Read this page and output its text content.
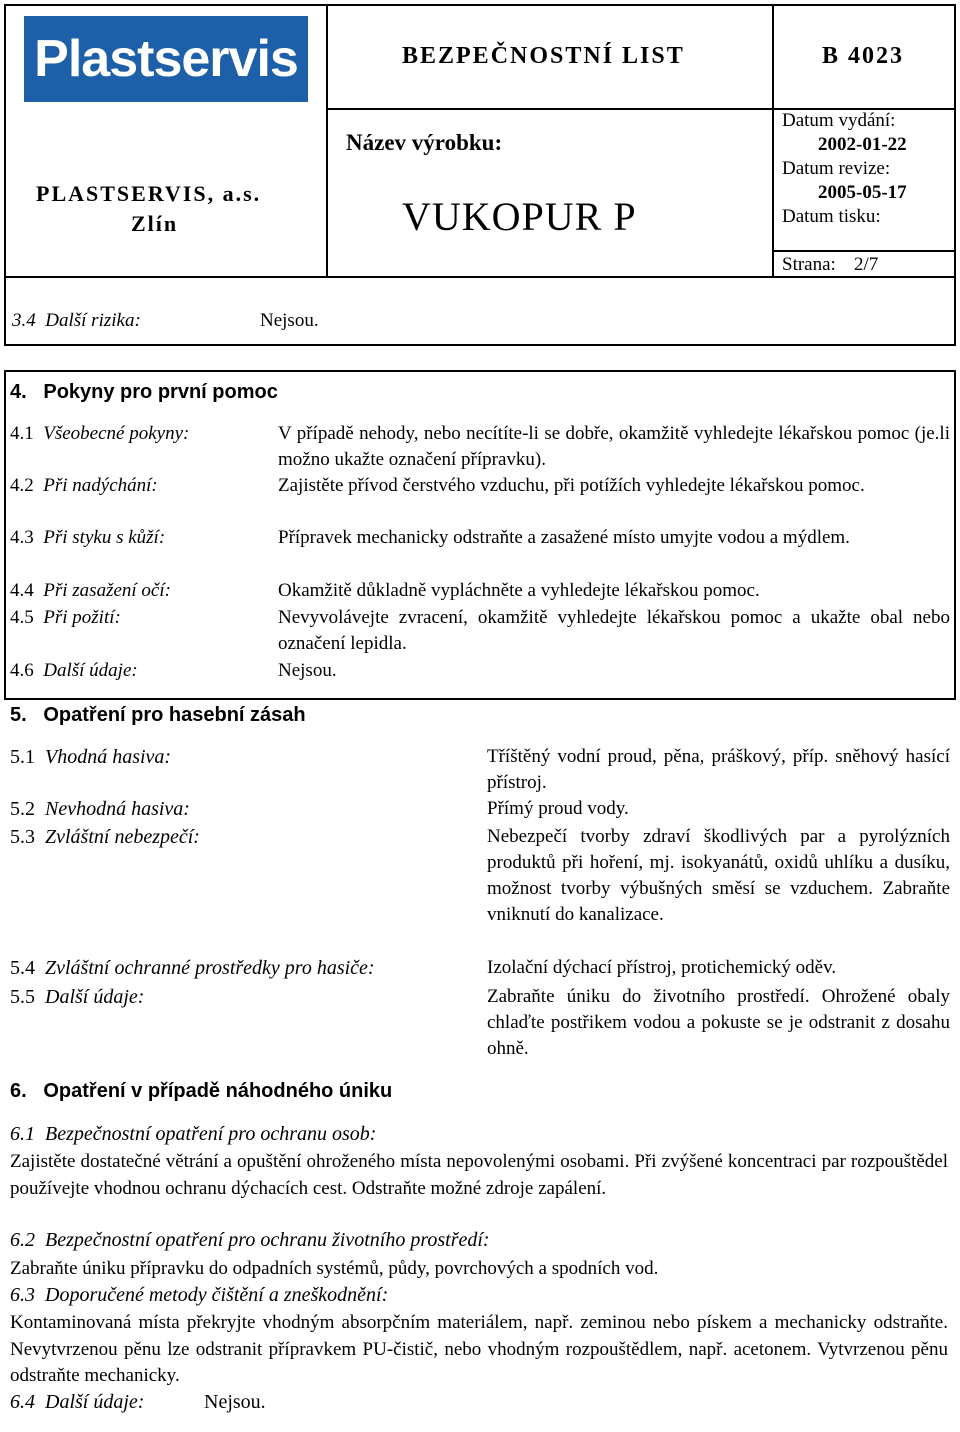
Plastservis
PLASTSERVIS, a.s.
Zlín
BEZPEČNOSTNÍ LIST	B 4023
Název výrobku:
VUKOPUR P
Datum vydání:
2002-01-22
Datum revize:
2005-05-17
Datum tisku:
Strana: 2/7
3.4  Další rizika:	Nejsou.
4.   Pokyny pro první pomoc
4.1 Všeobecné pokyny:	V případě nehody, nebo necítíte-li se dobře, okamžitě vyhledejte lékařskou pomoc (je.li možno ukažte označení přípravku).
4.2 Při nadýchání:	Zajistěte přívod čerstvého vzduchu, při potížích vyhledejte lékařskou pomoc.
4.3 Při styku s kůží:	Přípravek mechanicky odstraňte a zasažené místo umyjte vodou a mýdlem.
4.4 Při zasažení očí:	Okamžitě důkladně vypláchněte a vyhledejte lékařskou pomoc.
4.5 Při požití:	Nevyvolávejte zvracení, okamžitě vyhledejte lékařskou pomoc a ukažte obal nebo označení lepidla.
4.6 Další údaje:	Nejsou.
5.   Opatření pro hasební zásah
5.1 Vhodná hasiva:	Tříštěný vodní proud, pěna, práškový, příp. sněhový hasící přístroj.
5.2 Nevhodná hasiva:	Přímý proud vody.
5.3 Zvláštní nebezpečí:	Nebezpečí tvorby zdraví škodlivých par a pyrolýzních produktů při hoření, mj. isokyanátů, oxidů uhlíku a dusíku, možnost tvorby výbušných směsí se vzduchem. Zabraňte vniknutí do kanalizace.
5.4 Zvláštní ochranné prostředky pro hasiče:	Izolační dýchací přístroj, protichemický oděv.
5.5 Další údaje:	Zabraňte úniku do životního prostředí. Ohrožené obaly chlaďte postřikem vodou a pokuste se je odstranit z dosahu ohně.
6.   Opatření v případě náhodného úniku
6.1  Bezpečnostní opatření pro ochranu osob:
Zajistěte dostatečné větrání a opuštění ohroženého místa nepovolenými osobami. Při zvýšené koncentraci par rozpouštědel používejte vhodnou ochranu dýchacích cest. Odstraňte možné zdroje zapálení.
6.2  Bezpečnostní opatření pro ochranu životního prostředí:
Zabraňte úniku přípravku do odpadních systémů, půdy, povrchových a spodních vod.
6.3  Doporučené metody čištění a zneškodnění:
Kontaminovaná místa překryjte vhodným absorpčním materiálem, např. zeminou nebo pískem a mechanicky odstraňte. Nevytvrzenou pěnu lze odstranit přípravkem PU-čistič, nebo vhodným rozpouštědlem, např. acetonem. Vytvrzenou pěnu odstraňte mechanicky.
6.4  Další údaje:	Nejsou.
